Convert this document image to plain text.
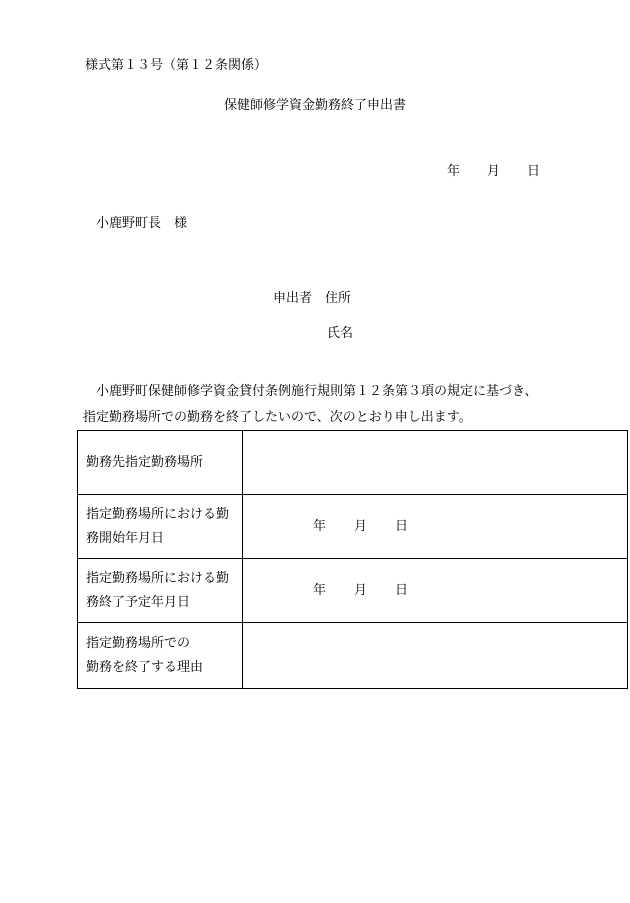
様式第１３号（第１２条関係）
保健師修学資金勤務終了申出書
年 月 日
小鹿野町長　様
申出者　住所
氏名
小鹿野町保健師修学資金貸付条例施行規則第１２条第３項の規定に基づき、
指定勤務場所での勤務を終了したいので、次のとおり申し出ます。
勤務先指定勤務場所	
指定勤務場所における勤
務開始年月日	年 月 日
指定勤務場所における勤
務終了予定年月日	年 月 日
指定勤務場所での
勤務を終了する理由	
